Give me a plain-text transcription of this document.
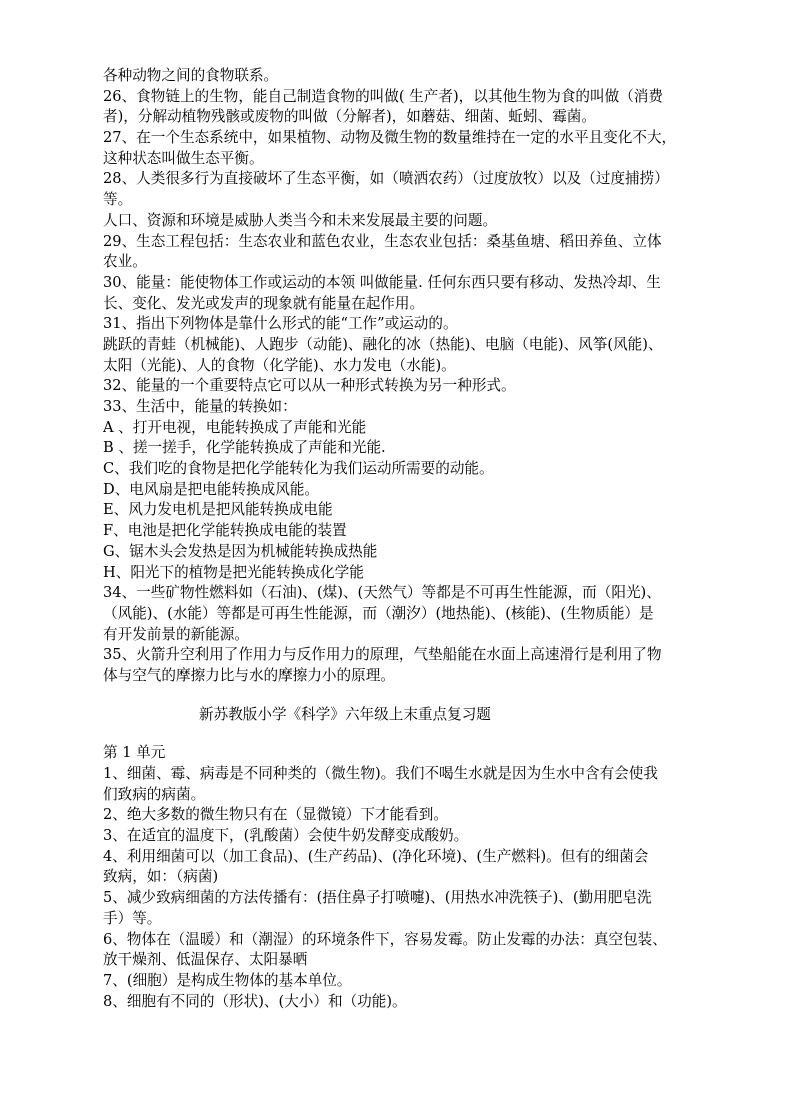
各种动物之间的食物联系。
26、食物链上的生物，能自己制造食物的叫做( 生产者)，以其他生物为食的叫做（消费
者)，分解动植物残骸或废物的叫做（分解者)，如蘑菇、细菌、蚯蚓、霉菌。
27、在一个生态系统中，如果植物、动物及微生物的数量维持在一定的水平且变化不大，
这种状态叫做生态平衡。
28、人类很多行为直接破坏了生态平衡，如（喷洒农药）（过度放牧）以及（过度捕捞）
等。
人口、资源和环境是威胁人类当今和未来发展最主要的问题。
29、生态工程包括：生态农业和蓝色农业，生态农业包括：桑基鱼塘、稻田养鱼、立体
农业。
30、能量：能使物体工作或运动的本领 叫做能量. 任何东西只要有移动、发热冷却、生
长、变化、发光或发声的现象就有能量在起作用。
31、指出下列物体是靠什么形式的能“工作”或运动的。
跳跃的青蛙（机械能)、人跑步（动能)、融化的冰（热能)、电脑（电能)、风筝(风能)、
太阳（光能)、人的食物（化学能)、水力发电（水能)。
32、能量的一个重要特点它可以从一种形式转换为另一种形式。
33、生活中，能量的转换如：
A 、打开电视，电能转换成了声能和光能
B 、搓一搓手，化学能转换成了声能和光能.
C、我们吃的食物是把化学能转化为我们运动所需要的动能。
D、电风扇是把电能转换成风能。
E、风力发电机是把风能转换成电能
F、电池是把化学能转换成电能的装置
G、锯木头会发热是因为机械能转换成热能
H、阳光下的植物是把光能转换成化学能
34、一些矿物性燃料如（石油)、(煤)、(天然气）等都是不可再生性能源，而（阳光)、
（风能)、(水能）等都是可再生性能源，而（潮汐）(地热能)、(核能)、(生物质能）是
有开发前景的新能源。
35、火箭升空利用了作用力与反作用力的原理，气垫船能在水面上高速滑行是利用了物
体与空气的摩擦力比与水的摩擦力小的原理。
新苏教版小学《科学》六年级上末重点复习题
第 1 单元
1、细菌、霉、病毒是不同种类的（微生物)。我们不喝生水就是因为生水中含有会使我
们致病的病菌。
2、绝大多数的微生物只有在（显微镜）下才能看到。
3、在适宜的温度下，(乳酸菌）会使牛奶发酵变成酸奶。
4、利用细菌可以（加工食品)、(生产药品)、(净化环境)、(生产燃料)。但有的细菌会
致病，如：（病菌)
5、减少致病细菌的方法传播有：(捂住鼻子打喷嚏)、(用热水冲洗筷子)、(勤用肥皂洗
手）等。
6、物体在（温暖）和（潮湿）的环境条件下，容易发霉。防止发霉的办法：真空包装、
放干燥剂、低温保存、太阳暴晒
7、(细胞）是构成生物体的基本单位。
8、细胞有不同的（形状)、(大小）和（功能)。
